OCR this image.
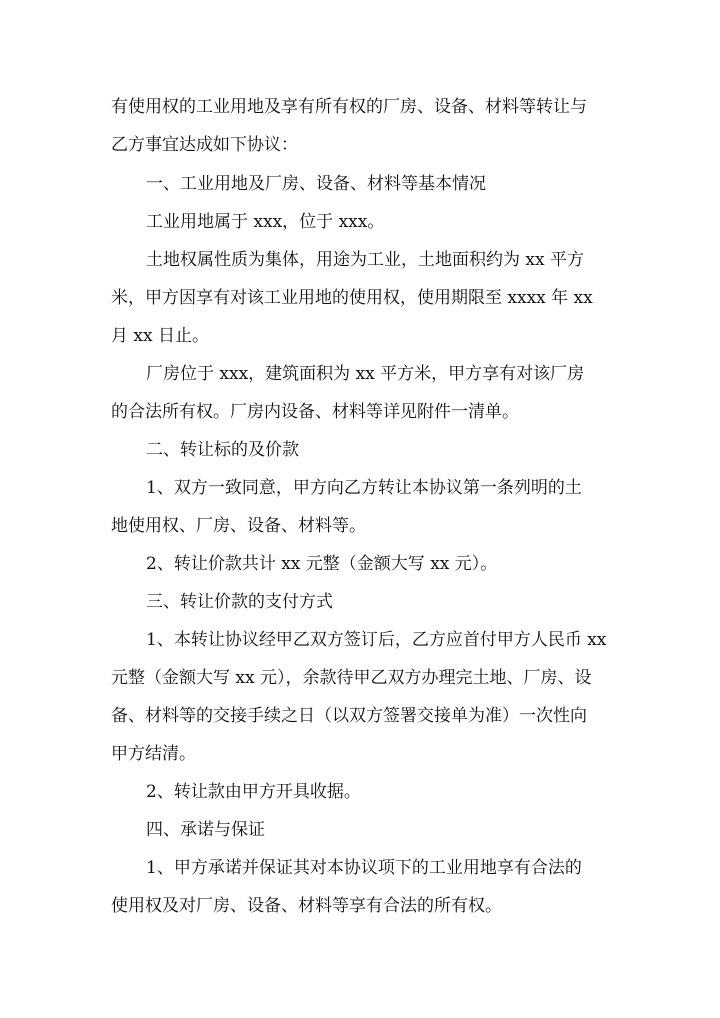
有使用权的工业用地及享有所有权的厂房、设备、材料等转让与
乙方事宜达成如下协议：
一、工业用地及厂房、设备、材料等基本情况
工业用地属于 xxx，位于 xxx。
土地权属性质为集体，用途为工业，土地面积约为 xx 平方
米，甲方因享有对该工业用地的使用权，使用期限至 xxxx 年 xx
月 xx 日止。
厂房位于 xxx，建筑面积为 xx 平方米，甲方享有对该厂房
的合法所有权。厂房内设备、材料等详见附件一清单。
二、转让标的及价款
1、双方一致同意，甲方向乙方转让本协议第一条列明的土
地使用权、厂房、设备、材料等。
2、转让价款共计 xx 元整（金额大写 xx 元）。
三、转让价款的支付方式
1、本转让协议经甲乙双方签订后，乙方应首付甲方人民币 xx
元整（金额大写 xx 元），余款待甲乙双方办理完土地、厂房、设
备、材料等的交接手续之日（以双方签署交接单为准）一次性向
甲方结清。
2、转让款由甲方开具收据。
四、承诺与保证
1、甲方承诺并保证其对本协议项下的工业用地享有合法的
使用权及对厂房、设备、材料等享有合法的所有权。
